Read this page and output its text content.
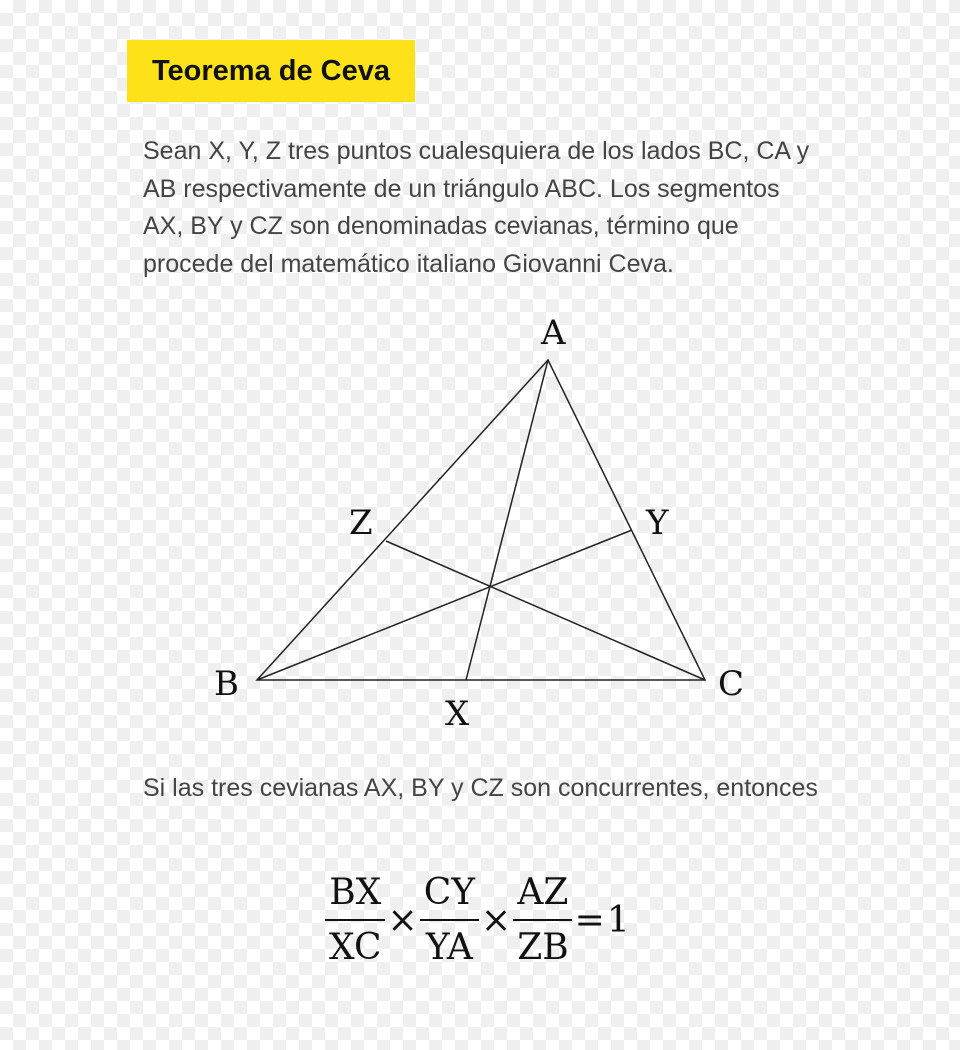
Teorema de Ceva

Sean X, Y, Z tres puntos cualesquiera de los lados BC, CA y AB respectivamente de un triángulo ABC. Los segmentos AX, BY y CZ son denominadas cevianas, término que procede del matemático italiano Giovanni Ceva.

A
B	C
X
Y
Z

Si las tres cevianas AX, BY y CZ son concurrentes, entonces

$\frac{BX}{XC} \times \frac{CY}{YA} \times \frac{AZ}{ZB} = 1$
